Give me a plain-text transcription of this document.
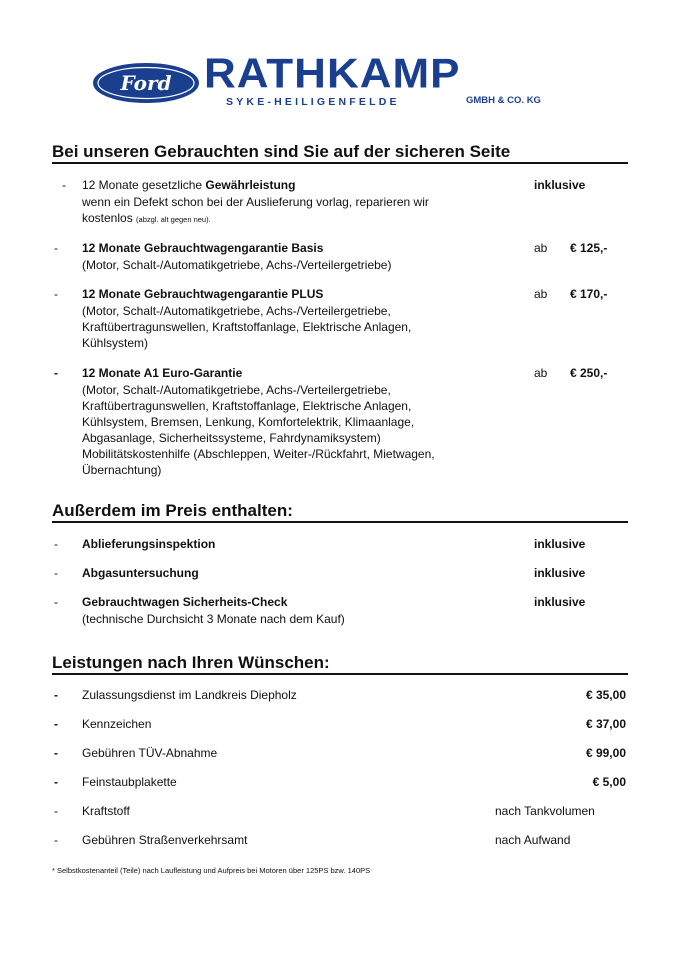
Ford RATHKAMP
SYKE-HEILIGENFELDE	GMBH & CO. KG
Bei unseren Gebrauchten sind Sie auf der sicheren Seite
- 12 Monate gesetzliche Gewährleistung
wenn ein Defekt schon bei der Auslieferung vorlag, reparieren wir
kostenlos (abzgl. alt gegen neu).
inklusive
- 12 Monate Gebrauchtwagengarantie Basis
(Motor, Schalt-/Automatikgetriebe, Achs-/Verteilergetriebe)
ab € 125,-
- 12 Monate Gebrauchtwagengarantie PLUS
(Motor, Schalt-/Automatikgetriebe, Achs-/Verteilergetriebe,
Kraftübertragunswellen, Kraftstoffanlage, Elektrische Anlagen,
Kühlsystem)
ab € 170,-
- 12 Monate A1 Euro-Garantie
(Motor, Schalt-/Automatikgetriebe, Achs-/Verteilergetriebe,
Kraftübertragunswellen, Kraftstoffanlage, Elektrische Anlagen,
Kühlsystem, Bremsen, Lenkung, Komfortelektrik, Klimaanlage,
Abgasanlage, Sicherheitssysteme, Fahrdynamiksystem)
Mobilitätskostenhilfe (Abschleppen, Weiter-/Rückfahrt, Mietwagen,
Übernachtung)
ab € 250,-
Außerdem im Preis enthalten:
- Ablieferungsinspektion	inklusive
- Abgasuntersuchung	inklusive
- Gebrauchtwagen Sicherheits-Check
(technische Durchsicht 3 Monate nach dem Kauf)
inklusive
Leistungen nach Ihren Wünschen:
- Zulassungsdienst im Landkreis Diepholz	€ 35,00
- Kennzeichen	€ 37,00
- Gebühren TÜV-Abnahme	€ 99,00
- Feinstaubplakette	€ 5,00
- Kraftstoff	nach Tankvolumen
- Gebühren Straßenverkehrsamt	nach Aufwand
* Selbstkostenanteil (Teile) nach Laufleistung und Aufpreis bei Motoren über 125PS bzw. 140PS
